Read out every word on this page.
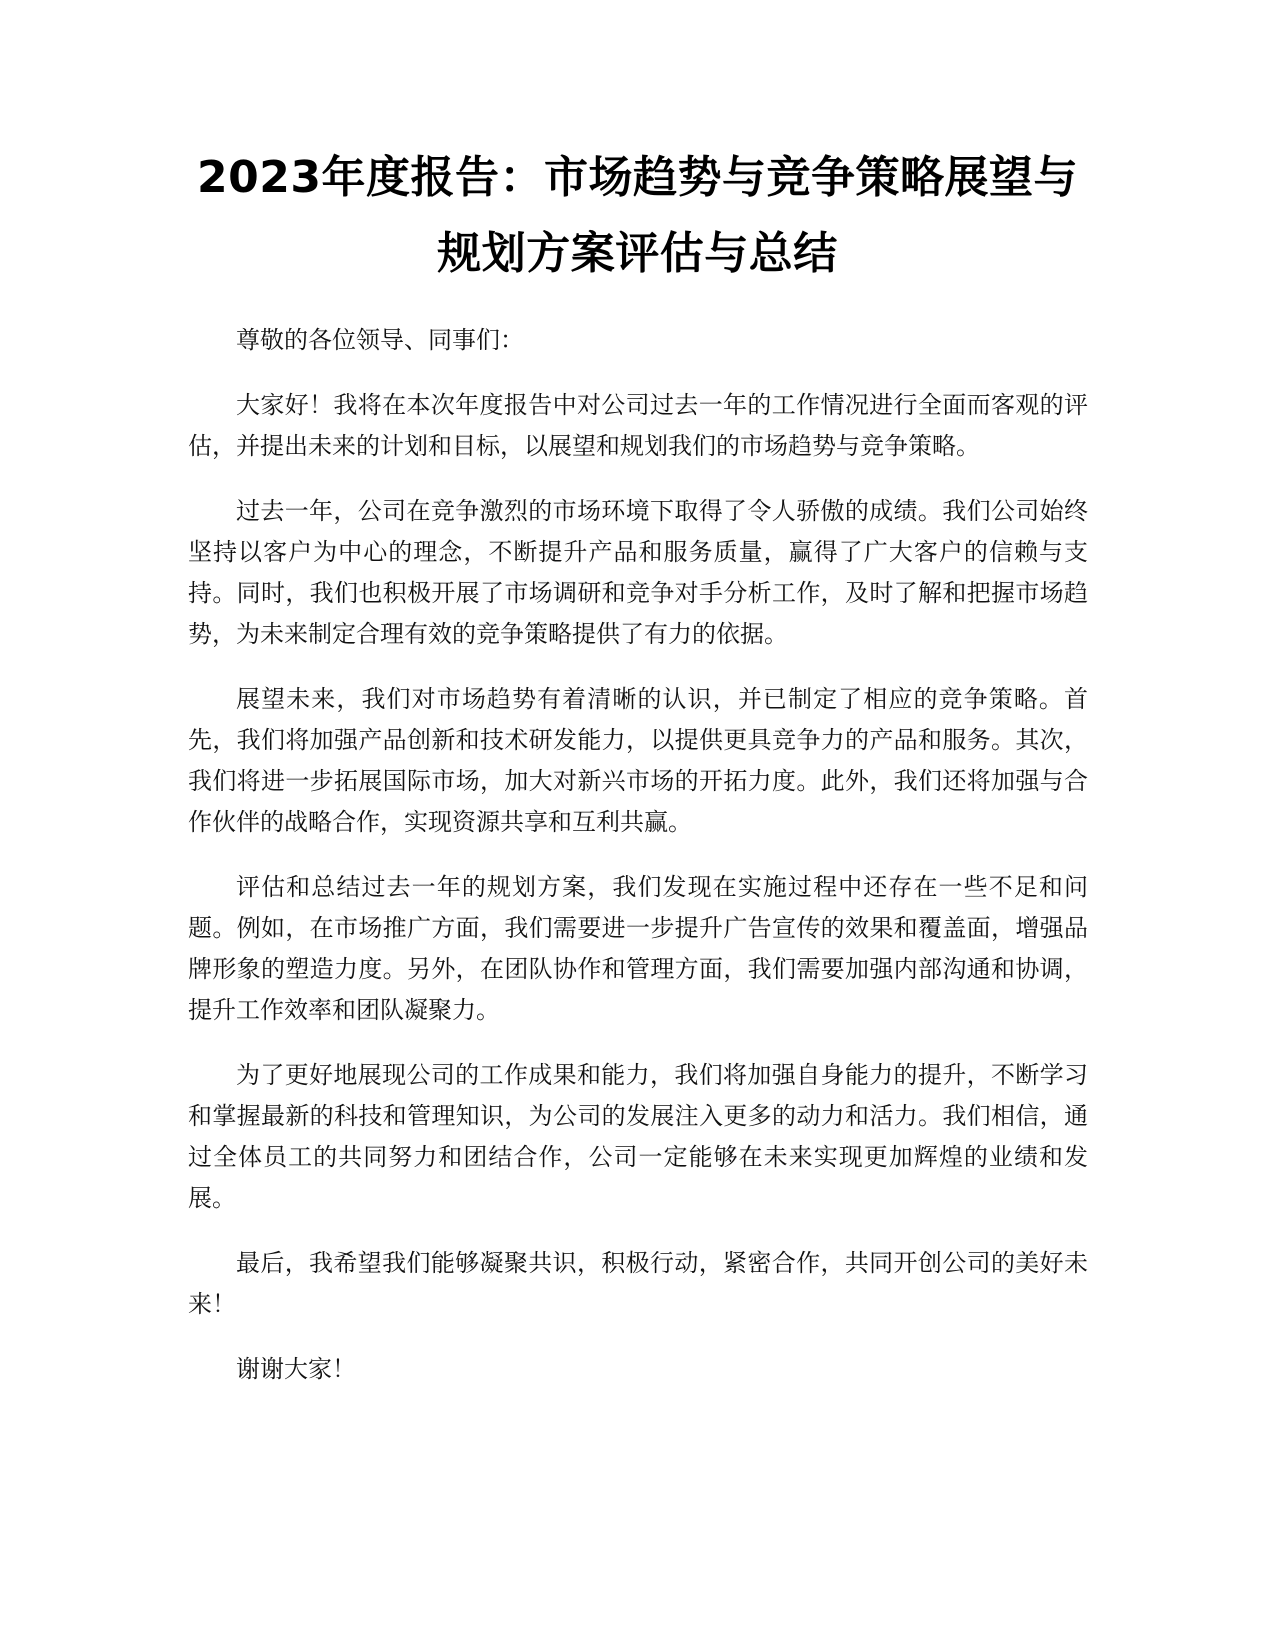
2023年度报告：市场趋势与竞争策略展望与
规划方案评估与总结

尊敬的各位领导、同事们：

大家好！我将在本次年度报告中对公司过去一年的工作情况进行全面而客观的评估，并提出未来的计划和目标，以展望和规划我们的市场趋势与竞争策略。

过去一年，公司在竞争激烈的市场环境下取得了令人骄傲的成绩。我们公司始终坚持以客户为中心的理念，不断提升产品和服务质量，赢得了广大客户的信赖与支持。同时，我们也积极开展了市场调研和竞争对手分析工作，及时了解和把握市场趋势，为未来制定合理有效的竞争策略提供了有力的依据。

展望未来，我们对市场趋势有着清晰的认识，并已制定了相应的竞争策略。首先，我们将加强产品创新和技术研发能力，以提供更具竞争力的产品和服务。其次，我们将进一步拓展国际市场，加大对新兴市场的开拓力度。此外，我们还将加强与合作伙伴的战略合作，实现资源共享和互利共赢。

评估和总结过去一年的规划方案，我们发现在实施过程中还存在一些不足和问题。例如，在市场推广方面，我们需要进一步提升广告宣传的效果和覆盖面，增强品牌形象的塑造力度。另外，在团队协作和管理方面，我们需要加强内部沟通和协调，提升工作效率和团队凝聚力。

为了更好地展现公司的工作成果和能力，我们将加强自身能力的提升，不断学习和掌握最新的科技和管理知识，为公司的发展注入更多的动力和活力。我们相信，通过全体员工的共同努力和团结合作，公司一定能够在未来实现更加辉煌的业绩和发展。

最后，我希望我们能够凝聚共识，积极行动，紧密合作，共同开创公司的美好未来！

谢谢大家！
